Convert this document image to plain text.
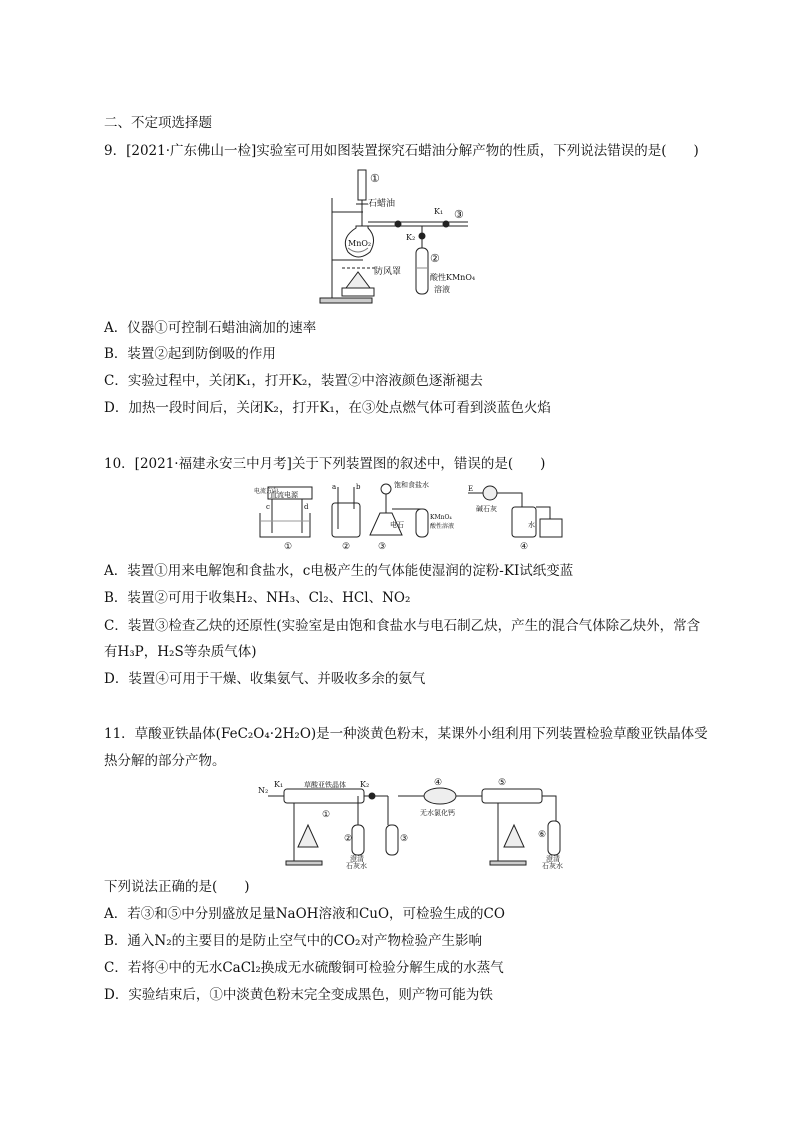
二、不定项选择题
9．[2021·广东佛山一检]实验室可用如图装置探究石蜡油分解产物的性质，下列说法错误的是(　　)
①
石蜡油
K₁ ③
K₂
MnO₂
②
防风罩
酸性KMnO₄
溶液
A．仪器①可控制石蜡油滴加的速率
B．装置②起到防倒吸的作用
C．实验过程中，关闭K₁，打开K₂，装置②中溶液颜色逐渐褪去
D．加热一段时间后，关闭K₂，打开K₁，在③处点燃气体可看到淡蓝色火焰
10．[2021·福建永安三中月考]关于下列装置图的叙述中，错误的是(　　)
直流电源
电流方向
c	d
a	b	饱和食盐水
电石
KMnO₄
酸性溶液
E
碱石灰
水
①	②	③	④
A．装置①用来电解饱和食盐水，c电极产生的气体能使湿润的淀粉-KI试纸变蓝
B．装置②可用于收集H₂、NH₃、Cl₂、HCl、NO₂
C．装置③检查乙炔的还原性(实验室是由饱和食盐水与电石制乙炔，产生的混合气体除乙炔外，常含
有H₃P，H₂S等杂质气体)
D．装置④可用于干燥、收集氨气、并吸收多余的氨气
11．草酸亚铁晶体(FeC₂O₄·2H₂O)是一种淡黄色粉末，某课外小组利用下列装置检验草酸亚铁晶体受
热分解的部分产物。
N₂
K₁	草酸亚铁晶体 K₂
①
②	③
④
无水氯化钙
⑤
⑥
澄清
石灰水
澄清
石灰水
下列说法正确的是(　　)
A．若③和⑤中分别盛放足量NaOH溶液和CuO，可检验生成的CO
B．通入N₂的主要目的是防止空气中的CO₂对产物检验产生影响
C．若将④中的无水CaCl₂换成无水硫酸铜可检验分解生成的水蒸气
D．实验结束后，①中淡黄色粉末完全变成黑色，则产物可能为铁
